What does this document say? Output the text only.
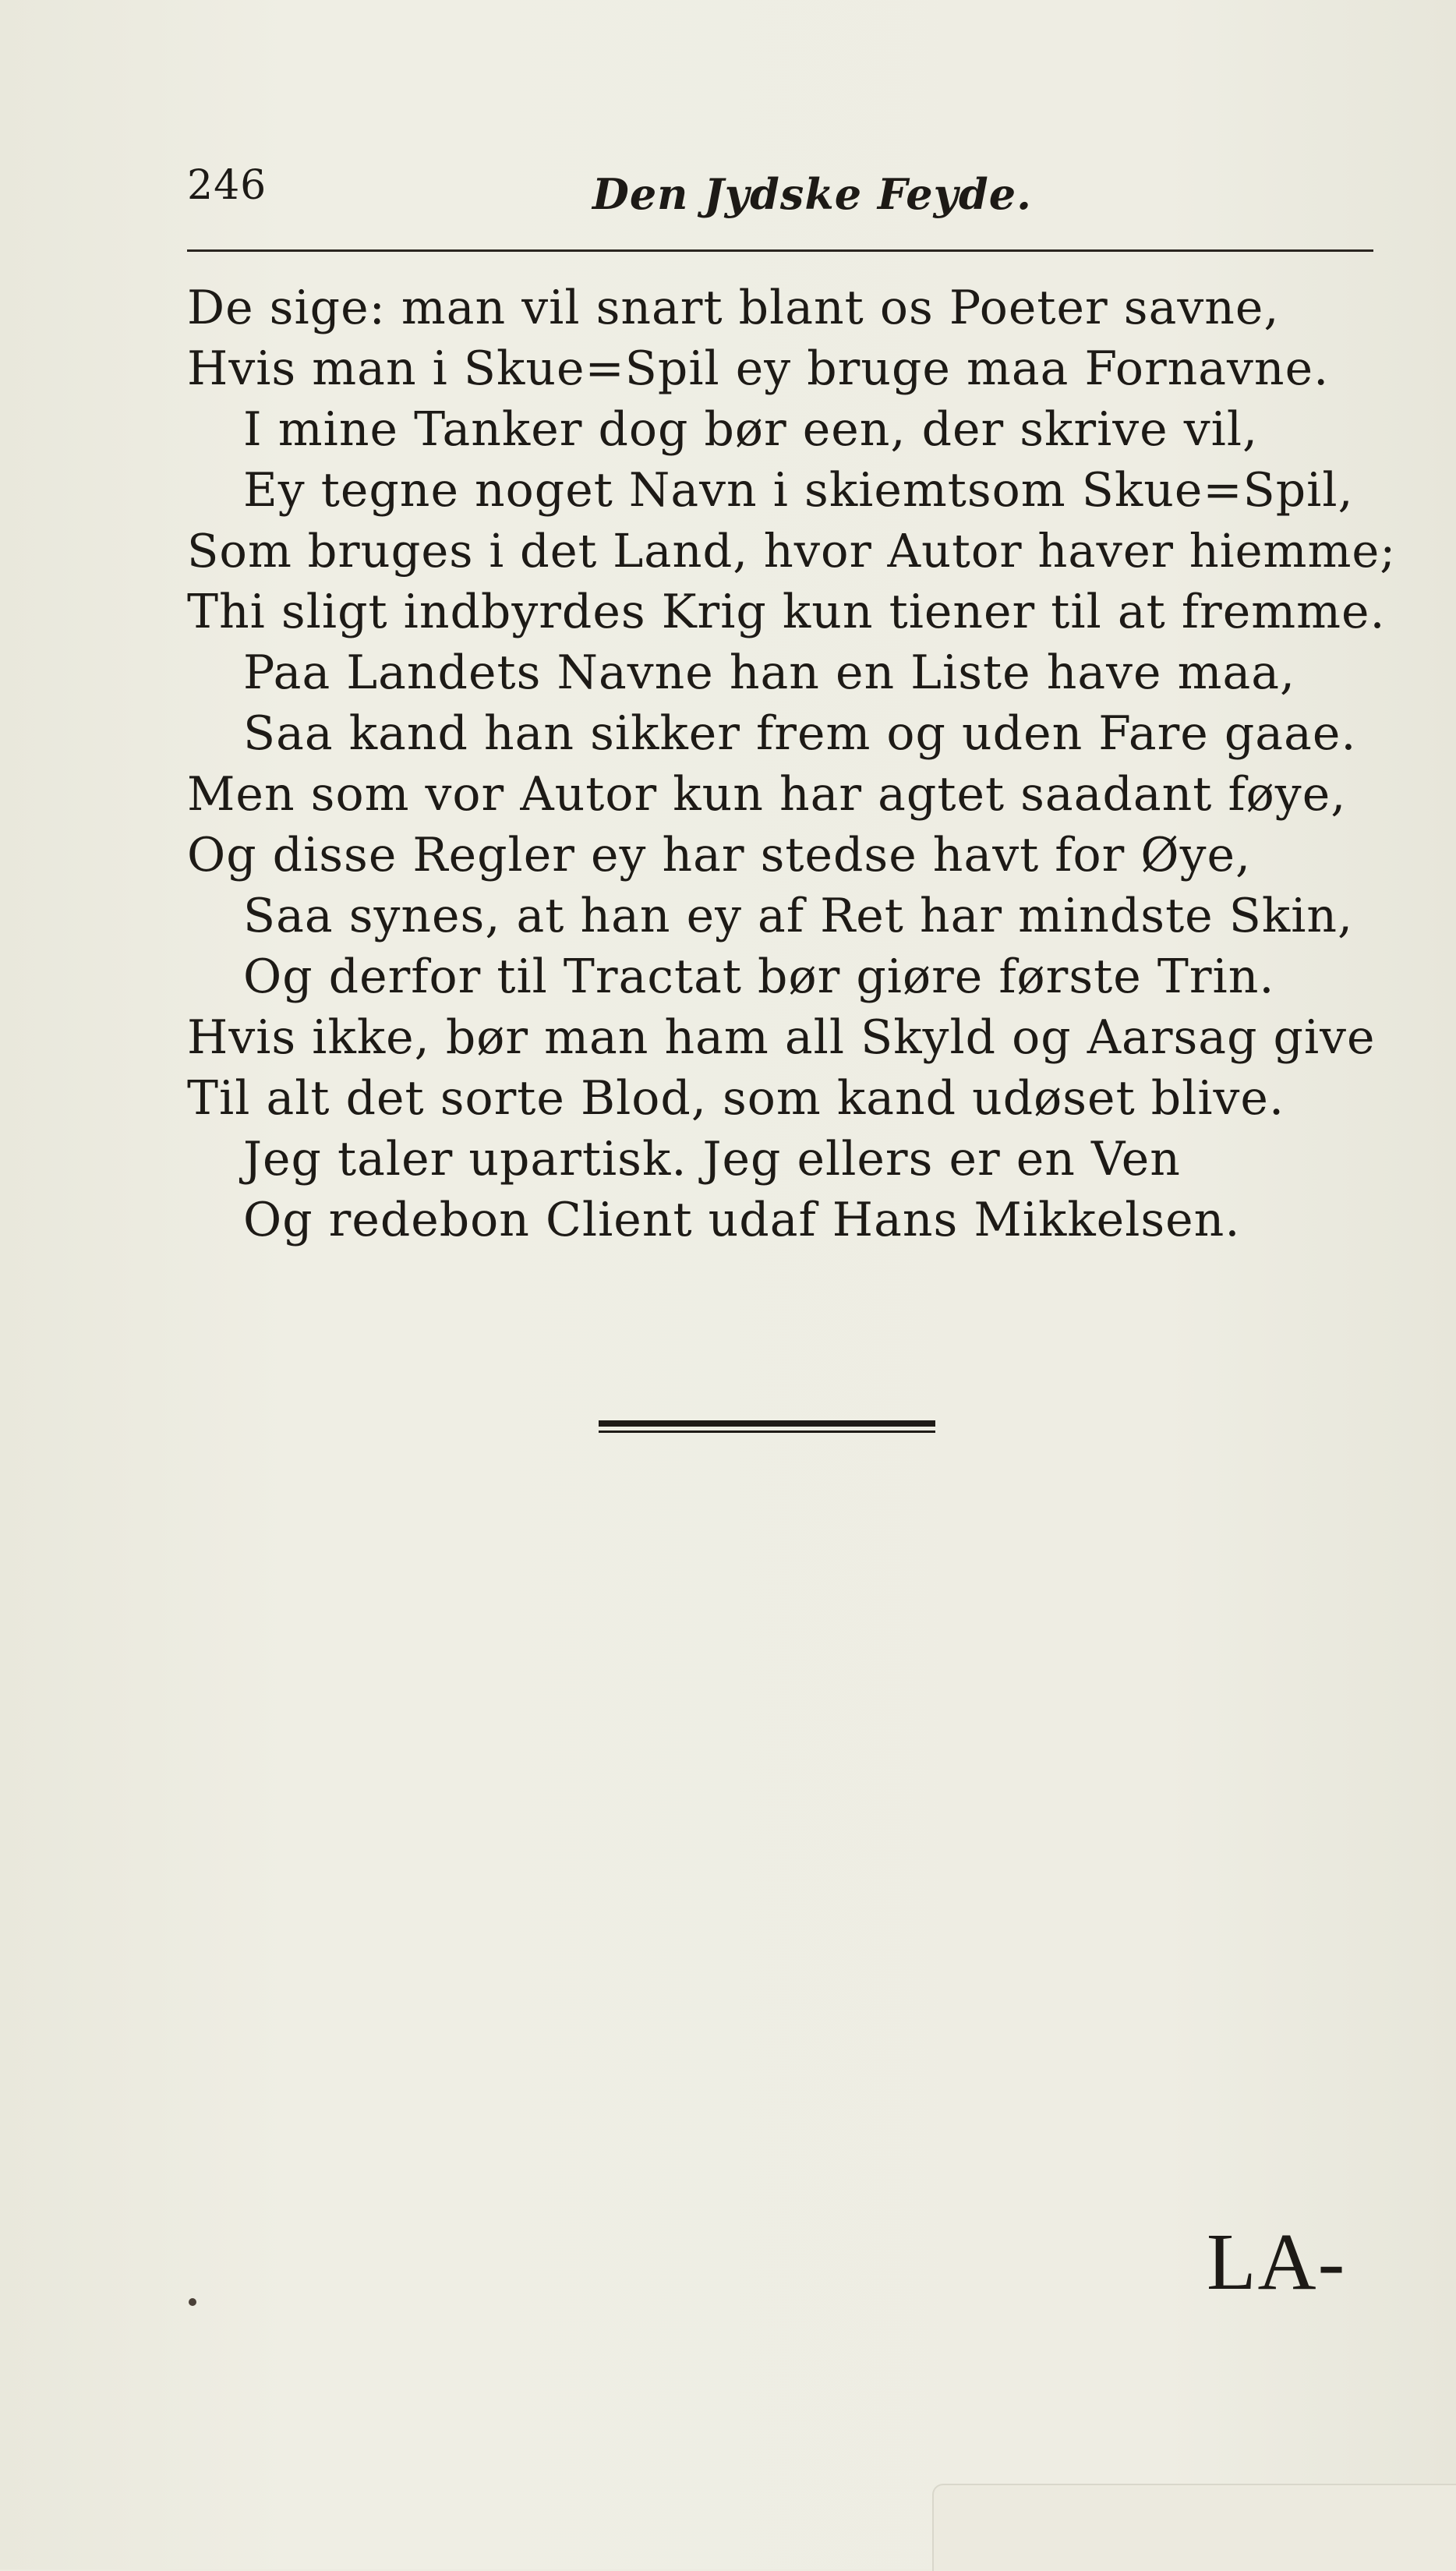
246	Den Jydske Feyde.
De sige: man vil snart blant os Poeter savne,
Hvis man i Skue=Spil ey bruge maa Fornavne.
I mine Tanker dog bør een, der skrive vil,
Ey tegne noget Navn i skiemtsom Skue=Spil,
Som bruges i det Land, hvor Autor haver hiemme;
Thi sligt indbyrdes Krig kun tiener til at fremme.
Paa Landets Navne han en Liste have maa,
Saa kand han sikker frem og uden Fare gaae.
Men som vor Autor kun har agtet saadant føye,
Og disse Regler ey har stedse havt for Øye,
Saa synes, at han ey af Ret har mindste Skin,
Og derfor til Tractat bør giøre første Trin.
Hvis ikke, bør man ham all Skyld og Aarsag give
Til alt det sorte Blod, som kand udøset blive.
Jeg taler upartisk. Jeg ellers er en Ven
Og redebon Client udaf Hans Mikkelsen.
LA-
